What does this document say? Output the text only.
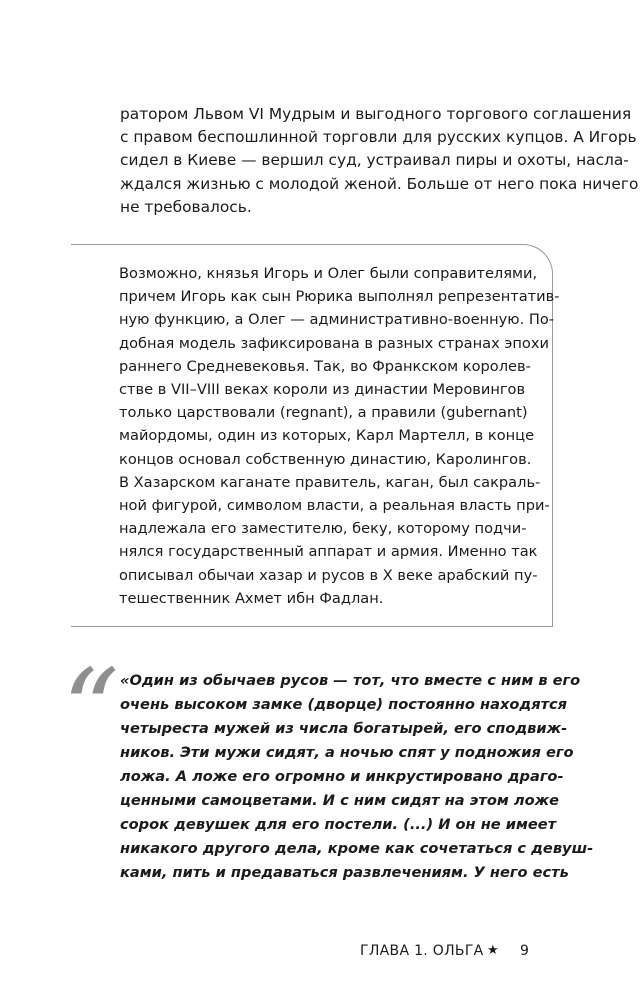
ратором Львом VI Мудрым и выгодного торгового соглашения
с правом беспошлинной торговли для русских купцов. А Игорь
сидел в Киеве — вершил суд, устраивал пиры и охоты, насла-
ждался жизнью с молодой женой. Больше от него пока ничего
не требовалось.
Возможно, князья Игорь и Олег были соправителями,
причем Игорь как сын Рюрика выполнял репрезентатив-
ную функцию, а Олег — административно-военную. По-
добная модель зафиксирована в разных странах эпохи
раннего Средневековья. Так, во Франкском королев-
стве в VII–VIII веках короли из династии Меровингов
только царствовали (regnant), а правили (gubernant)
майордомы, один из которых, Карл Мартелл, в конце
концов основал собственную династию, Каролингов.
В Хазарском каганате правитель, каган, был сакраль-
ной фигурой, символом власти, а реальная власть при-
надлежала его заместителю, беку, которому подчи-
нялся государственный аппарат и армия. Именно так
описывал обычаи хазар и русов в X веке арабский пу-
тешественник Ахмет ибн Фадлан.
“ «Один из обычаев русов — тот, что вместе с ним в его
очень высоком замке (дворце) постоянно находятся
четыреста мужей из числа богатырей, его сподвиж-
ников. Эти мужи сидят, а ночью спят у подножия его
ложа. А ложе его огромно и инкрустировано драго-
ценными самоцветами. И с ним сидят на этом ложе
сорок девушек для его постели. (...) И он не имеет
никакого другого дела, кроме как сочетаться с девуш-
ками, пить и предаваться развлечениям. У него есть
ГЛАВА 1. ОЛЬГА ★ 9
